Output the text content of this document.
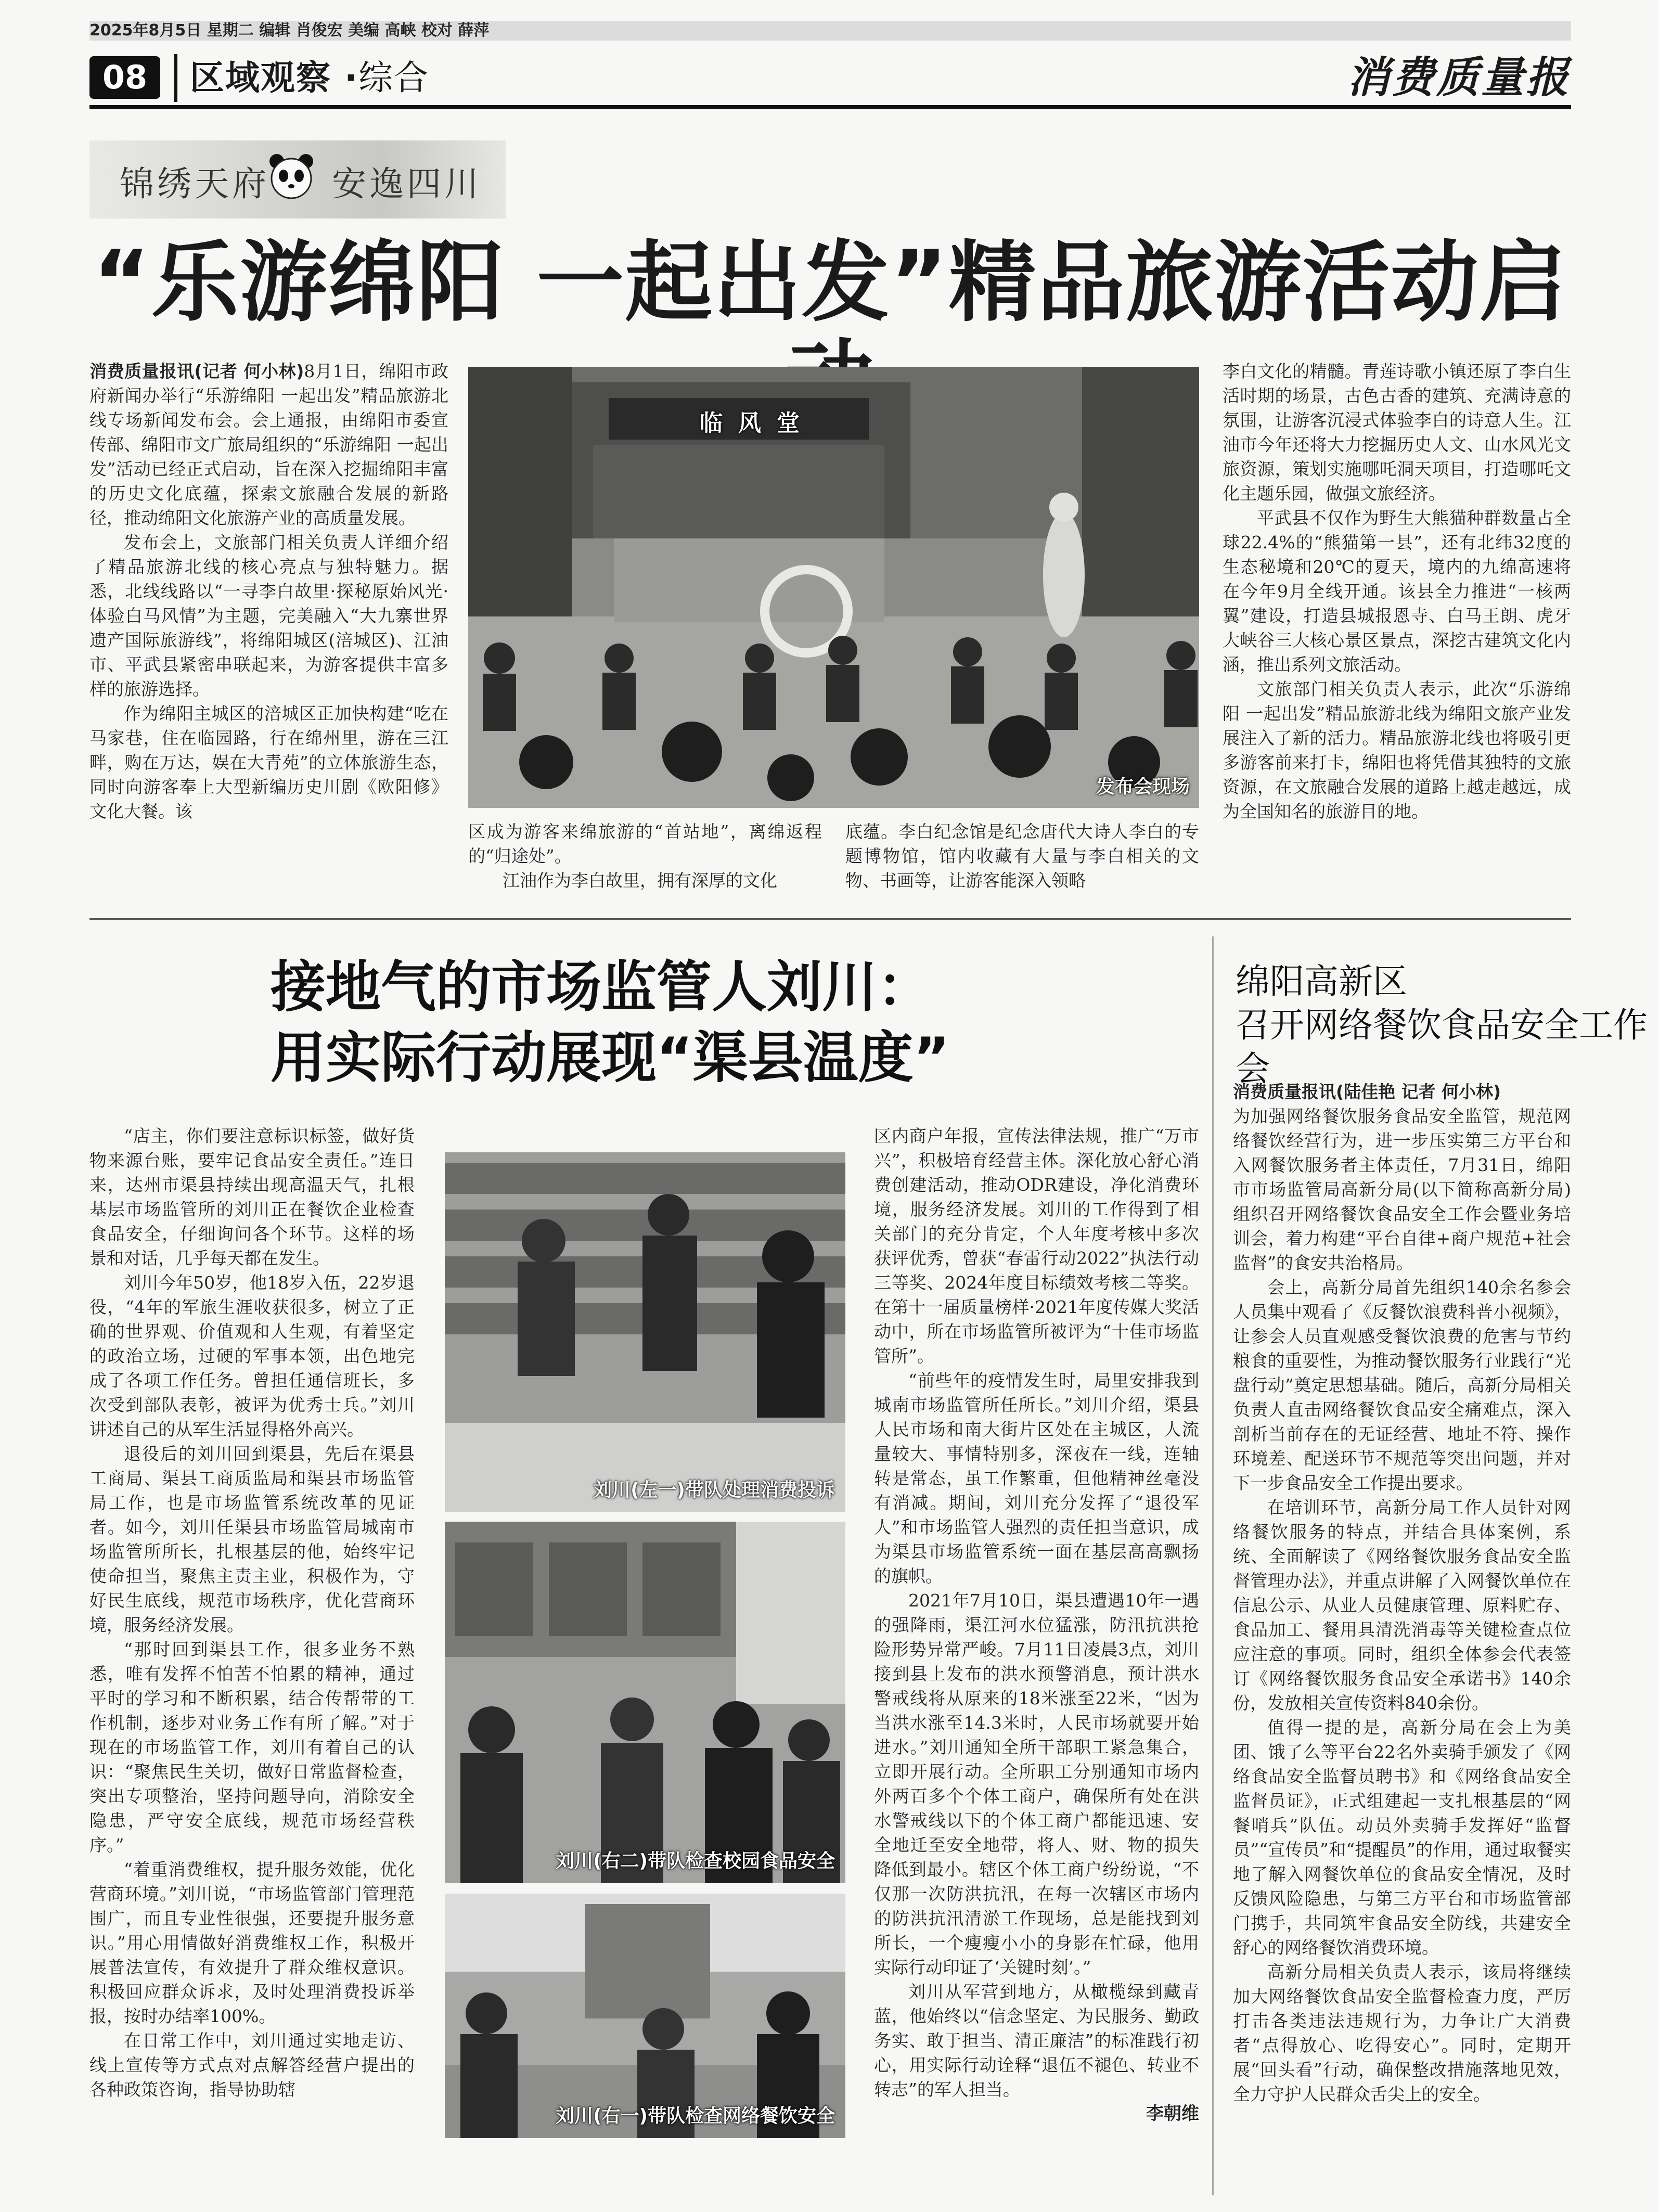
2025年8月5日 星期二 编辑 肖俊宏 美编 高峡 校对 薛萍
08	区域观察 ·综合	消费质量报
锦绣天府 安逸四川
“乐游绵阳 一起出发”精品旅游活动启

消费质量报讯(记者 何小林)8月1日，绵阳市政府新闻办举行“乐游绵阳 一起出发”精品旅游北线专场新闻发布会。会上通报，由绵阳市委宣传部、绵阳市文广旅局组织的“乐游绵阳 一起出发”活动已经正式启动，旨在深入挖掘绵阳丰富的历史文化底蕴，探索文旅融合发展的新路径，推动绵阳文化旅游产业的高质量发展。

发布会上，文旅部门相关负责人详细介绍了精品旅游北线的核心亮点与独特魅力。据悉，北线线路以“一寻李白故里·探秘原始风光·体验白马风情”为主题，完美融入“大九寨世界遗产国际旅游线”，将绵阳城区(涪城区)、江油市、平武县紧密串联起来，为游客提供丰富多样的旅游选择。

作为绵阳主城区的涪城区正加快构建“吃在马家巷，住在临园路，行在绵州里，游在三江畔，购在万达，娱在大青苑”的立体旅游生态，同时向游客奉上大型新编历史川剧《欧阳修》文化大餐。该

发布会现场
临风堂

区成为游客来绵旅游的“首站地”，离绵返程的“归途处”。

江油作为李白故里，拥有深厚的文化

底蕴。李白纪念馆是纪念唐代大诗人李白的专题博物馆，馆内收藏有大量与李白相关的文物、书画等，让游客能深入领略

李白文化的精髓。青莲诗歌小镇还原了李白生活时期的场景，古色古香的建筑、充满诗意的氛围，让游客沉浸式体验李白的诗意人生。江油市今年还将大力挖掘历史人文、山水风光文旅资源，策划实施哪吒洞天项目，打造哪吒文化主题乐园，做强文旅经济。

平武县不仅作为野生大熊猫种群数量占全球22.4%的“熊猫第一县”，还有北纬32度的生态秘境和20℃的夏天，境内的九绵高速将在今年9月全线开通。该县全力推进“一核两翼”建设，打造县城报恩寺、白马王朗、虎牙大峡谷三大核心景区景点，深挖古建筑文化内涵，推出系列文旅活动。

文旅部门相关负责人表示，此次“乐游绵阳 一起出发”精品旅游北线为绵阳文旅产业发展注入了新的活力。精品旅游北线也将吸引更多游客前来打卡，绵阳也将凭借其独特的文旅资源，在文旅融合发展的道路上越走越远，成为全国知名的旅游目的地。

接地气的市场监管人刘川：
用实际行动展现“渠县温度”

“店主，你们要注意标识标签，做好货物来源台账，要牢记食品安全责任。”连日来，达州市渠县持续出现高温天气，扎根基层市场监管所的刘川正在餐饮企业检查食品安全，仔细询问各个环节。这样的场景和对话，几乎每天都在发生。

刘川今年50岁，他18岁入伍，22岁退役，“4年的军旅生涯收获很多，树立了正确的世界观、价值观和人生观，有着坚定的政治立场，过硬的军事本领，出色地完成了各项工作任务。曾担任通信班长，多次受到部队表彰，被评为优秀士兵。”刘川讲述自己的从军生活显得格外高兴。

退役后的刘川回到渠县，先后在渠县工商局、渠县工商质监局和渠县市场监管局工作，也是市场监管系统改革的见证者。如今，刘川任渠县市场监管局城南市场监管所所长，扎根基层的他，始终牢记使命担当，聚焦主责主业，积极作为，守好民生底线，规范市场秩序，优化营商环境，服务经济发展。

“那时回到渠县工作，很多业务不熟悉，唯有发挥不怕苦不怕累的精神，通过平时的学习和不断积累，结合传帮带的工作机制，逐步对业务工作有所了解。”对于现在的市场监管工作，刘川有着自己的认识：“聚焦民生关切，做好日常监督检查，突出专项整治，坚持问题导向，消除安全隐患，严守安全底线，规范市场经营秩序。”

“着重消费维权，提升服务效能，优化营商环境。”刘川说，“市场监管部门管理范围广，而且专业性很强，还要提升服务意识。”用心用情做好消费维权工作，积极开展普法宣传，有效提升了群众维权意识。积极回应群众诉求，及时处理消费投诉举报，按时办结率100%。

在日常工作中，刘川通过实地走访、线上宣传等方式点对点解答经营户提出的各种政策咨询，指导协助辖

刘川(左一)带队处理消费投诉
刘川(右二)带队检查校园食品安全
刘川(右一)带队检查网络餐饮安全

区内商户年报，宣传法律法规，推广“万市兴”，积极培育经营主体。深化放心舒心消费创建活动，推动ODR建设，净化消费环境，服务经济发展。刘川的工作得到了相关部门的充分肯定，个人年度考核中多次获评优秀，曾获“春雷行动2022”执法行动三等奖、2024年度目标绩效考核二等奖。在第十一届质量榜样·2021年度传媒大奖活动中，所在市场监管所被评为“十佳市场监管所”。

“前些年的疫情发生时，局里安排我到城南市场监管所任所长。”刘川介绍，渠县人民市场和南大街片区处在主城区，人流量较大、事情特别多，深夜在一线，连轴转是常态，虽工作繁重，但他精神丝毫没有消减。期间，刘川充分发挥了“退役军人”和市场监管人强烈的责任担当意识，成为渠县市场监管系统一面在基层高高飘扬的旗帜。

2021年7月10日，渠县遭遇10年一遇的强降雨，渠江河水位猛涨，防汛抗洪抢险形势异常严峻。7月11日凌晨3点，刘川接到县上发布的洪水预警消息，预计洪水警戒线将从原来的18米涨至22米，“因为当洪水涨至14.3米时，人民市场就要开始进水。”刘川通知全所干部职工紧急集合，立即开展行动。全所职工分别通知市场内外两百多个个体工商户，确保所有处在洪水警戒线以下的个体工商户都能迅速、安全地迁至安全地带，将人、财、物的损失降低到最小。辖区个体工商户纷纷说，“不仅那一次防洪抗汛，在每一次辖区市场内的防洪抗汛清淤工作现场，总是能找到刘所长，一个瘦瘦小小的身影在忙碌，他用实际行动印证了‘关键时刻’。”

刘川从军营到地方，从橄榄绿到藏青蓝，他始终以“信念坚定、为民服务、勤政务实、敢于担当、清正廉洁”的标准践行初心，用实际行动诠释“退伍不褪色、转业不转志”的军人担当。

李朝维
绵阳高新区
召开网络餐饮食品安全工作会

消费质量报讯(陆佳艳 记者 何小林)

为加强网络餐饮服务食品安全监管，规范网络餐饮经营行为，进一步压实第三方平台和入网餐饮服务者主体责任，7月31日，绵阳市市场监管局高新分局(以下简称高新分局)组织召开网络餐饮食品安全工作会暨业务培训会，着力构建“平台自律+商户规范+社会监督”的食安共治格局。

会上，高新分局首先组织140余名参会人员集中观看了《反餐饮浪费科普小视频》，让参会人员直观感受餐饮浪费的危害与节约粮食的重要性，为推动餐饮服务行业践行“光盘行动”奠定思想基础。随后，高新分局相关负责人直击网络餐饮食品安全痛难点，深入剖析当前存在的无证经营、地址不符、操作环境差、配送环节不规范等突出问题，并对下一步食品安全工作提出要求。

在培训环节，高新分局工作人员针对网络餐饮服务的特点，并结合具体案例，系统、全面解读了《网络餐饮服务食品安全监督管理办法》，并重点讲解了入网餐饮单位在信息公示、从业人员健康管理、原料贮存、食品加工、餐用具清洗消毒等关键检查点位应注意的事项。同时，组织全体参会代表签订《网络餐饮服务食品安全承诺书》140余份，发放相关宣传资料840余份。

值得一提的是，高新分局在会上为美团、饿了么等平台22名外卖骑手颁发了《网络食品安全监督员聘书》和《网络食品安全监督员证》，正式组建起一支扎根基层的“网餐哨兵”队伍。动员外卖骑手发挥好“监督员”“宣传员”和“提醒员”的作用，通过取餐实地了解入网餐饮单位的食品安全情况，及时反馈风险隐患，与第三方平台和市场监管部门携手，共同筑牢食品安全防线，共建安全舒心的网络餐饮消费环境。

高新分局相关负责人表示，该局将继续加大网络餐饮食品安全监督检查力度，严厉打击各类违法违规行为，力争让广大消费者“点得放心、吃得安心”。同时，定期开展“回头看”行动，确保整改措施落地见效，全力守护人民群众舌尖上的安全。
